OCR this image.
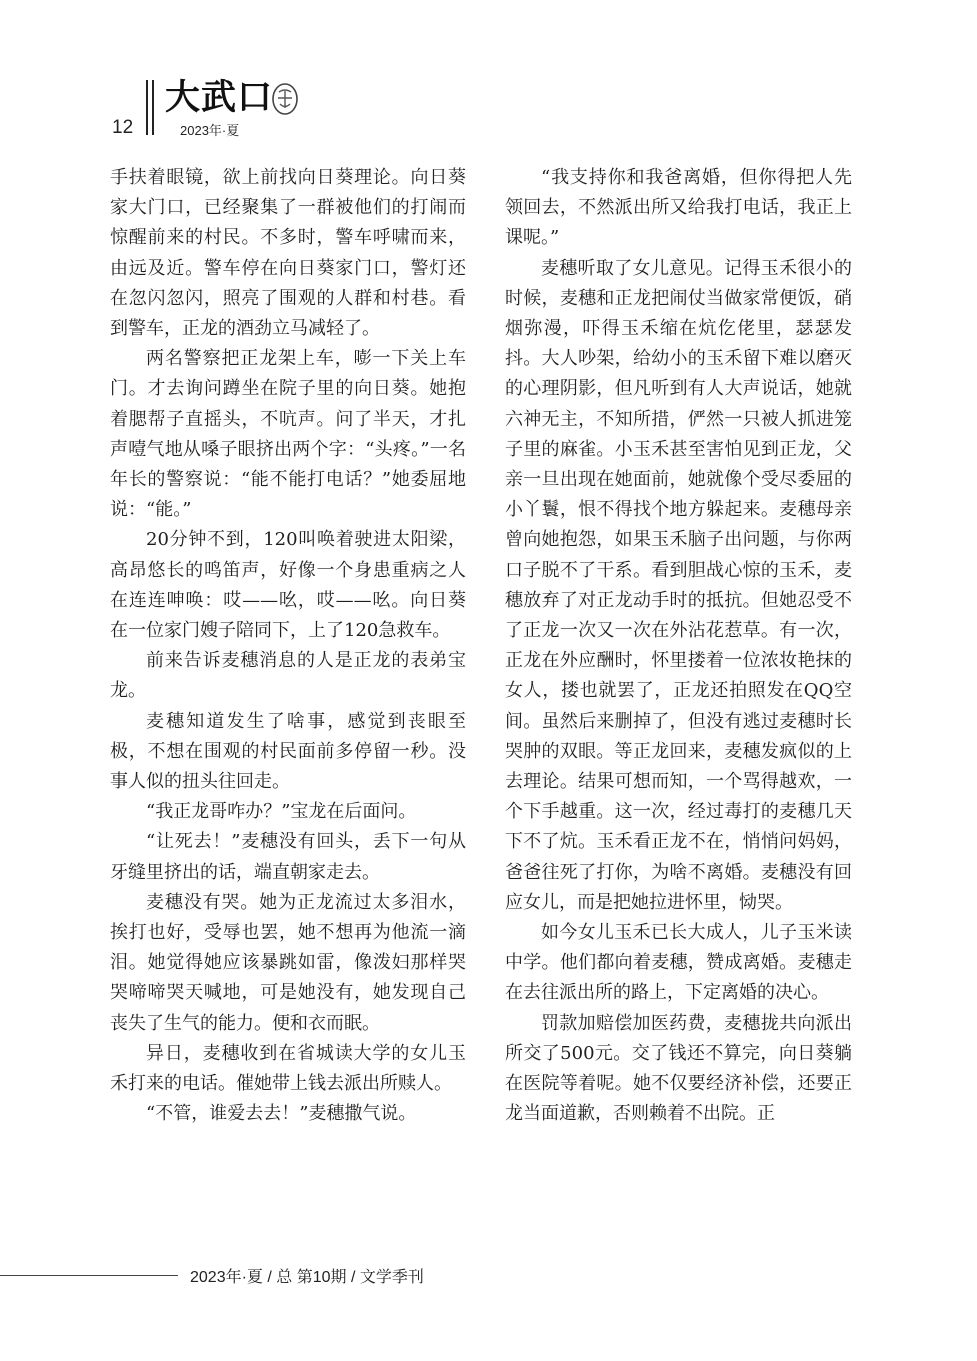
12
大武口
2023年·夏

手扶着眼镜，欲上前找向日葵理论。向日葵家大门口，已经聚集了一群被他们的打闹而惊醒前来的村民。不多时，警车呼啸而来，由远及近。警车停在向日葵家门口，警灯还在忽闪忽闪，照亮了围观的人群和村巷。看到警车，正龙的酒劲立马减轻了。

两名警察把正龙架上车，嘭一下关上车门。才去询问蹲坐在院子里的向日葵。她抱着腮帮子直摇头，不吭声。问了半天，才扎声噎气地从嗓子眼挤出两个字：“头疼。”一名年长的警察说：“能不能打电话？”她委屈地说：“能。”

20分钟不到，120叫唤着驶进太阳梁，高昂悠长的鸣笛声，好像一个身患重病之人在连连呻唤：哎——吆，哎——吆。向日葵在一位家门嫂子陪同下，上了120急救车。

前来告诉麦穗消息的人是正龙的表弟宝龙。

麦穗知道发生了啥事，感觉到丧眼至极，不想在围观的村民面前多停留一秒。没事人似的扭头往回走。

“我正龙哥咋办？”宝龙在后面问。

“让死去！”麦穗没有回头，丢下一句从牙缝里挤出的话，端直朝家走去。

麦穗没有哭。她为正龙流过太多泪水，挨打也好，受辱也罢，她不想再为他流一滴泪。她觉得她应该暴跳如雷，像泼妇那样哭哭啼啼哭天喊地，可是她没有，她发现自己丧失了生气的能力。便和衣而眠。

异日，麦穗收到在省城读大学的女儿玉禾打来的电话。催她带上钱去派出所赎人。

“不管，谁爱去去！”麦穗撒气说。

“我支持你和我爸离婚，但你得把人先领回去，不然派出所又给我打电话，我正上课呢。”

麦穗听取了女儿意见。记得玉禾很小的时候，麦穗和正龙把闹仗当做家常便饭，硝烟弥漫，吓得玉禾缩在炕仡佬里，瑟瑟发抖。大人吵架，给幼小的玉禾留下难以磨灭的心理阴影，但凡听到有人大声说话，她就六神无主，不知所措，俨然一只被人抓进笼子里的麻雀。小玉禾甚至害怕见到正龙，父亲一旦出现在她面前，她就像个受尽委屈的小丫鬟，恨不得找个地方躲起来。麦穗母亲曾向她抱怨，如果玉禾脑子出问题，与你两口子脱不了干系。看到胆战心惊的玉禾，麦穗放弃了对正龙动手时的抵抗。但她忍受不了正龙一次又一次在外沾花惹草。有一次，正龙在外应酬时，怀里搂着一位浓妆艳抹的女人，搂也就罢了，正龙还拍照发在QQ空间。虽然后来删掉了，但没有逃过麦穗时长哭肿的双眼。等正龙回来，麦穗发疯似的上去理论。结果可想而知，一个骂得越欢，一个下手越重。这一次，经过毒打的麦穗几天下不了炕。玉禾看正龙不在，悄悄问妈妈，爸爸往死了打你，为啥不离婚。麦穗没有回应女儿，而是把她拉进怀里，恸哭。

如今女儿玉禾已长大成人，儿子玉米读中学。他们都向着麦穗，赞成离婚。麦穗走在去往派出所的路上，下定离婚的决心。

罚款加赔偿加医药费，麦穗拢共向派出所交了500元。交了钱还不算完，向日葵躺在医院等着呢。她不仅要经济补偿，还要正龙当面道歉，否则赖着不出院。正

2023年·夏 / 总 第10期 / 文学季刊
